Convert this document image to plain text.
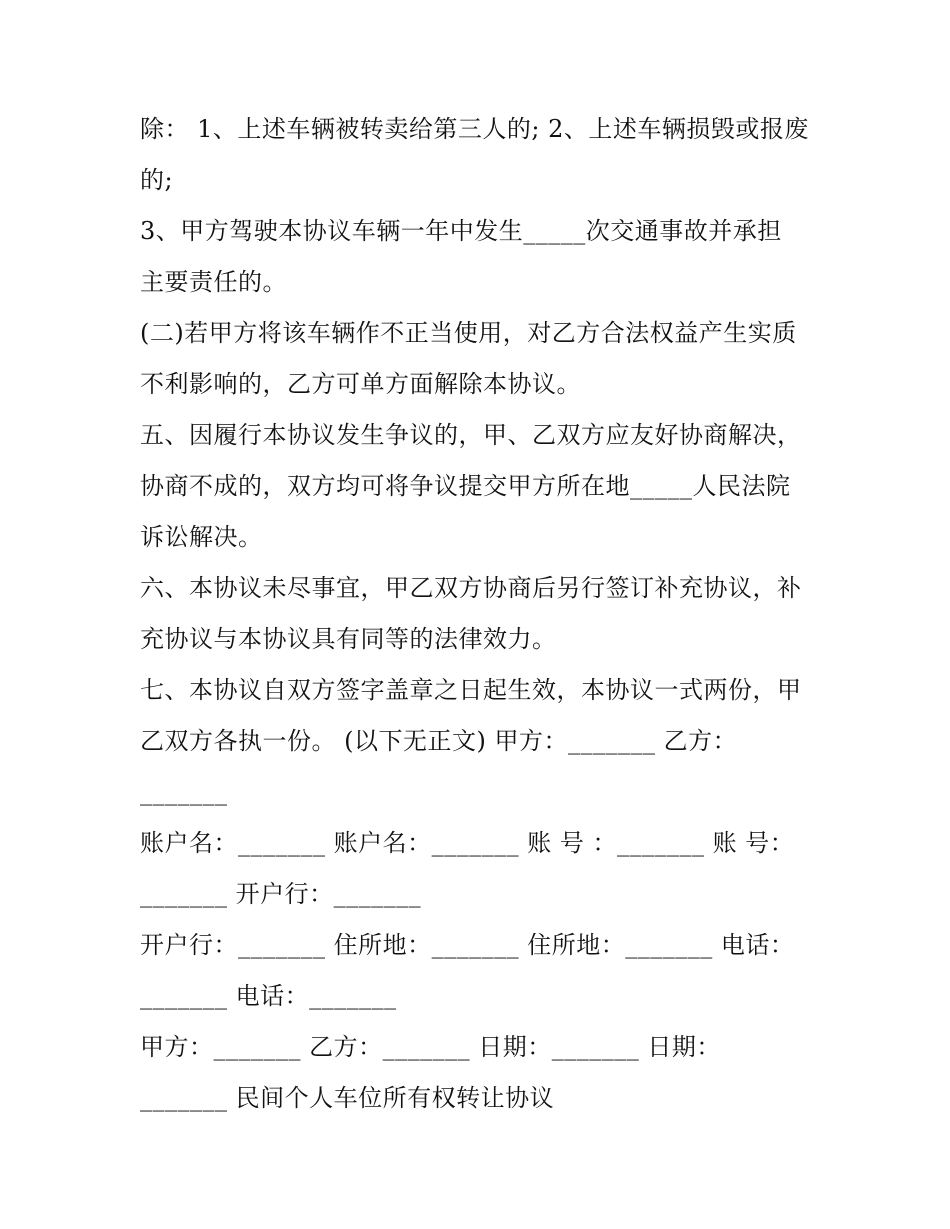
除： 1、上述车辆被转卖给第三人的; 2、上述车辆损毁或报废
的;
3、甲方驾驶本协议车辆一年中发生_____次交通事故并承担
主要责任的。
(二)若甲方将该车辆作不正当使用，对乙方合法权益产生实质
不利影响的，乙方可单方面解除本协议。
五、因履行本协议发生争议的，甲、乙双方应友好协商解决，
协商不成的，双方均可将争议提交甲方所在地_____人民法院
诉讼解决。
六、本协议未尽事宜，甲乙双方协商后另行签订补充协议，补
充协议与本协议具有同等的法律效力。
七、本协议自双方签字盖章之日起生效，本协议一式两份，甲
乙双方各执一份。 (以下无正文) 甲方：_______ 乙方：
_______
账户名：_______ 账户名：_______ 账 号 ：_______ 账 号：
_______ 开户行：_______
开户行：_______ 住所地：_______ 住所地：_______ 电话：
_______ 电话：_______
甲方：_______ 乙方：_______ 日期：_______ 日期：
_______ 民间个人车位所有权转让协议
